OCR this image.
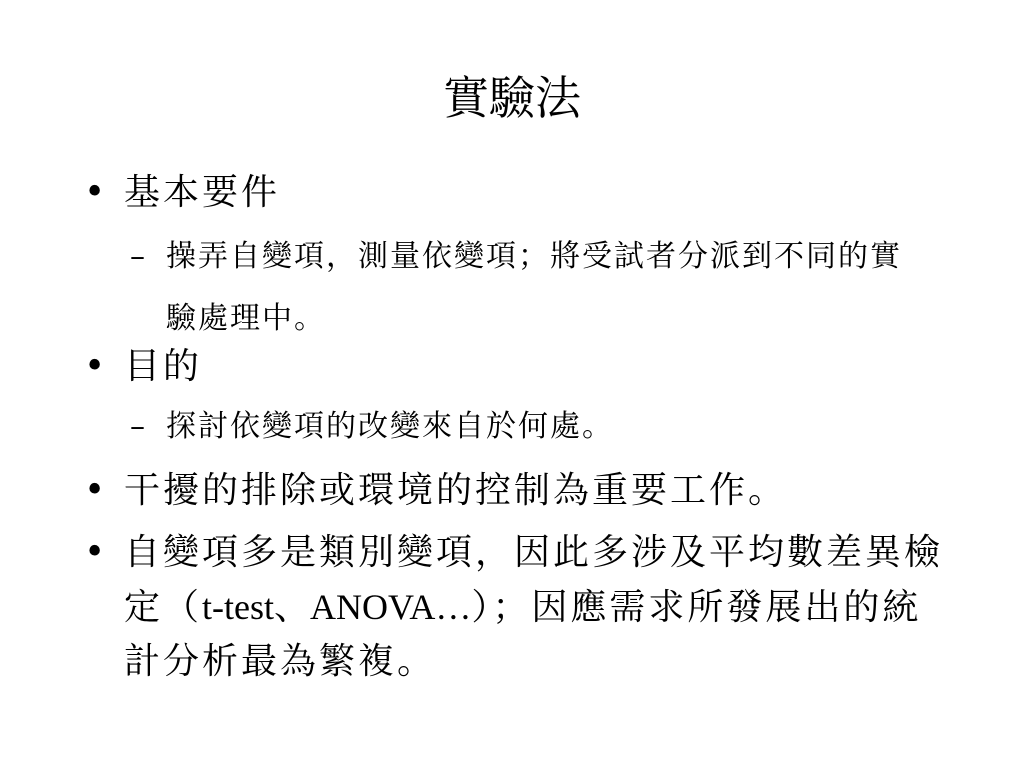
實驗法
• 基本要件
– 操弄自變項，測量依變項；將受試者分派到不同的實驗處理中。
• 目的
– 探討依變項的改變來自於何處。
• 干擾的排除或環境的控制為重要工作。
• 自變項多是類別變項，因此多涉及平均數差異檢定（t-test、ANOVA…）；因應需求所發展出的統計分析最為繁複。
